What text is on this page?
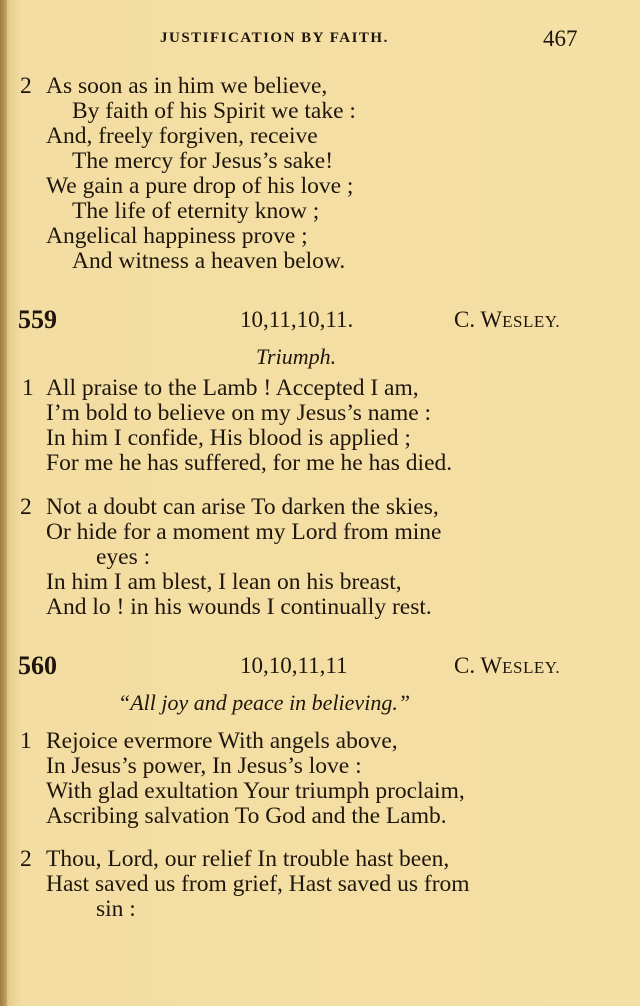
JUSTIFICATION BY FAITH.	467
2 As soon as in him we believe,
By faith of his Spirit we take :
And, freely forgiven, receive
The mercy for Jesus’s sake!
We gain a pure drop of his love ;
The life of eternity know ;
Angelical happiness prove ;
And witness a heaven below.
559	10,11,10,11.	C. WESLEY.
Triumph.
1 All praise to the Lamb ! Accepted I am,
I’m bold to believe on my Jesus’s name :
In him I confide, His blood is applied ;
For me he has suffered, for me he has died.
2 Not a doubt can arise To darken the skies,
Or hide for a moment my Lord from mine
eyes :
In him I am blest, I lean on his breast,
And lo ! in his wounds I continually rest.
560	10,10,11,11	C. WESLEY.
“All joy and peace in believing.”
1 Rejoice evermore With angels above,
In Jesus’s power, In Jesus’s love :
With glad exultation Your triumph proclaim,
Ascribing salvation To God and the Lamb.
2 Thou, Lord, our relief In trouble hast been,
Hast saved us from grief, Hast saved us from
sin :
